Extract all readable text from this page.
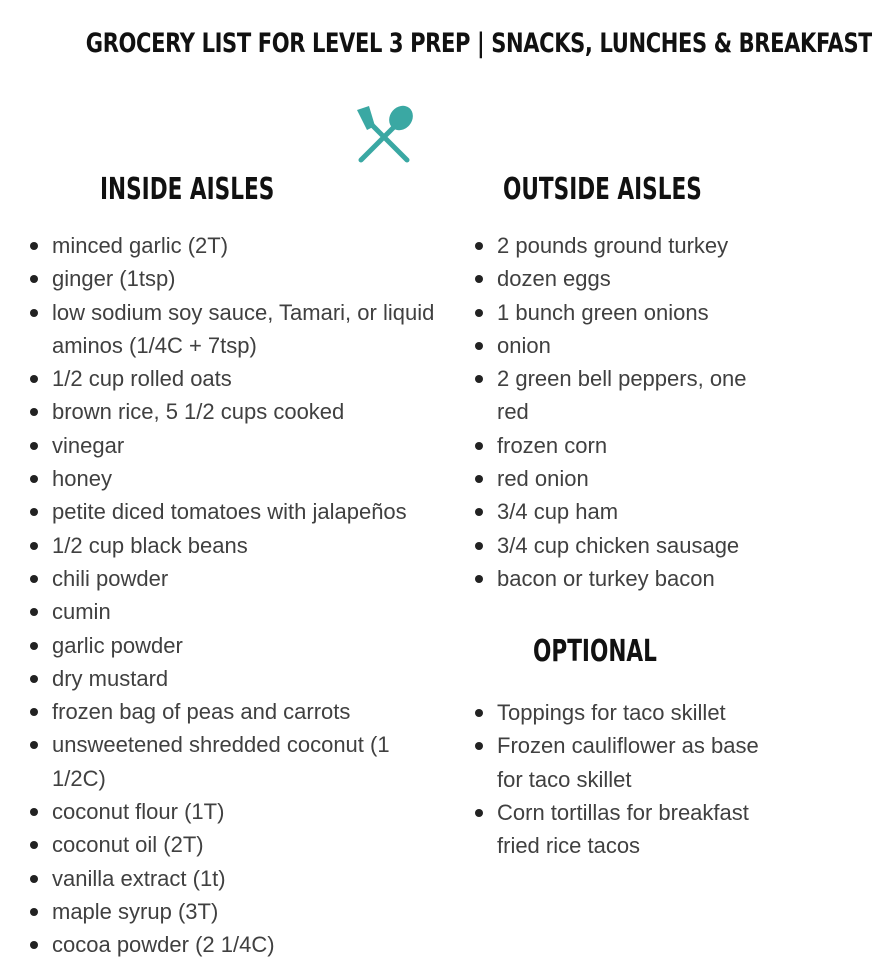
GROCERY LIST FOR LEVEL 3 PREP | SNACKS, LUNCHES & BREAKFAST
INSIDE AISLES
minced garlic (2T)
ginger (1tsp)
low sodium soy sauce, Tamari, or liquid aminos (1/4C + 7tsp)
1/2 cup rolled oats
brown rice, 5 1/2 cups cooked
vinegar
honey
petite diced tomatoes with jalapeños
1/2 cup black beans
chili powder
cumin
garlic powder
dry mustard
frozen bag of peas and carrots
unsweetened shredded coconut (1 1/2C)
coconut flour (1T)
coconut oil (2T)
vanilla extract (1t)
maple syrup (3T)
cocoa powder (2 1/4C)
OUTSIDE AISLES
2 pounds ground turkey
dozen eggs
1 bunch green onions
onion
2 green bell peppers, one red
frozen corn
red onion
3/4 cup ham
3/4 cup chicken sausage
bacon or turkey bacon
OPTIONAL
Toppings for taco skillet
Frozen cauliflower as base for taco skillet
Corn tortillas for breakfast fried rice tacos
